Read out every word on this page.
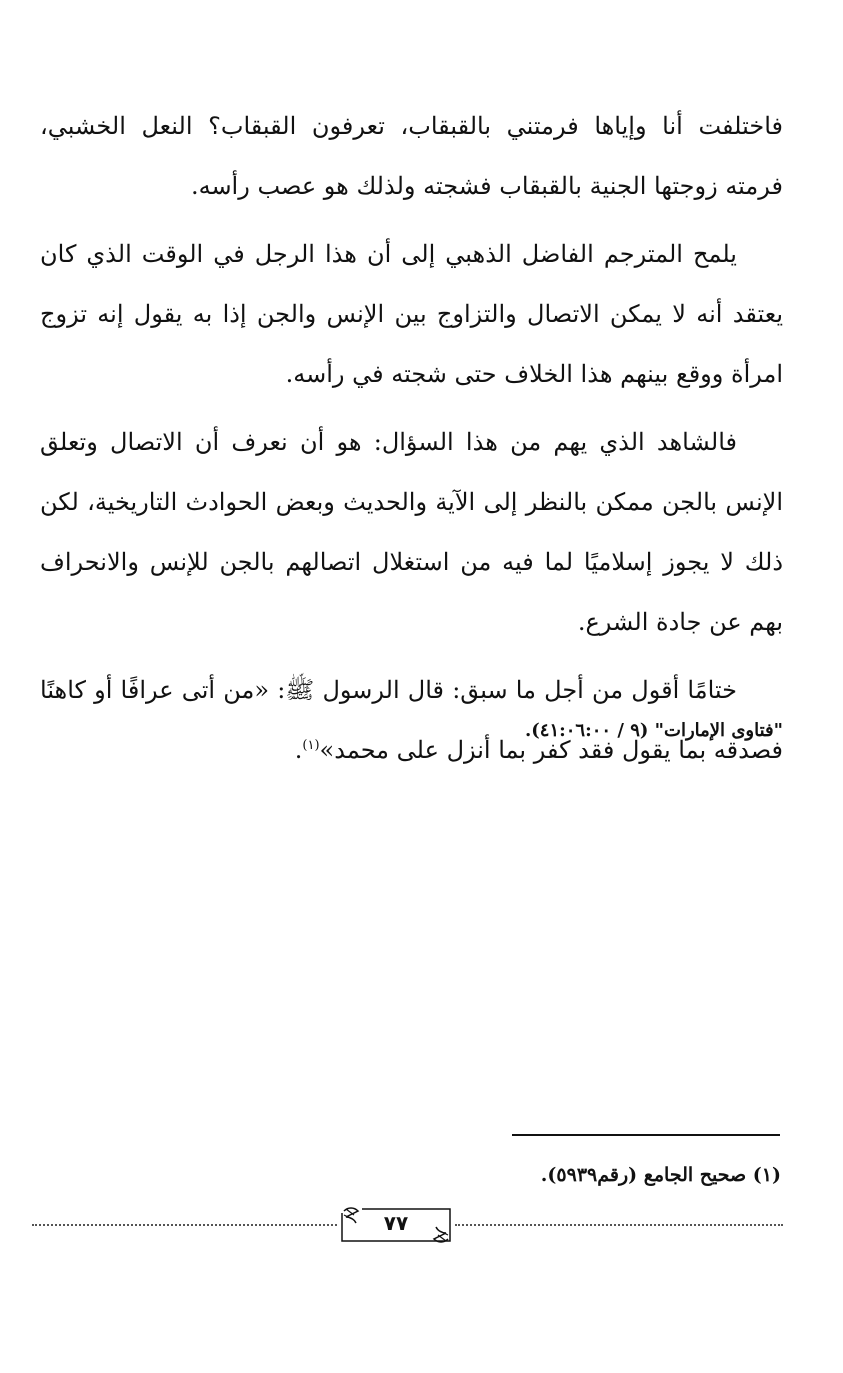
فاختلفت أنا وإياها فرمتني بالقبقاب، تعرفون القبقاب؟ النعل الخشبي، فرمته زوجتها الجنية بالقبقاب فشجته ولذلك هو عصب رأسه.

يلمح المترجم الفاضل الذهبي إلى أن هذا الرجل في الوقت الذي كان يعتقد أنه لا يمكن الاتصال والتزاوج بين الإنس والجن إذا به يقول إنه تزوج امرأة ووقع بينهم هذا الخلاف حتى شجته في رأسه.

فالشاهد الذي يهم من هذا السؤال: هو أن نعرف أن الاتصال وتعلق الإنس بالجن ممكن بالنظر إلى الآية والحديث وبعض الحوادث التاريخية، لكن ذلك لا يجوز إسلاميًا لما فيه من استغلال اتصالهم بالجن للإنس والانحراف بهم عن جادة الشرع.

ختامًا أقول من أجل ما سبق: قال الرسول ﷺ: «من أتى عرافًا أو كاهنًا فصدقه بما يقول فقد كفر بما أنزل على محمد»$^{(١)}$.

"فتاوى الإمارات" (٩ / ٤١:٠٦:٠٠).
(١) صحيح الجامع (رقم٥٩٣٩).
٧٧
